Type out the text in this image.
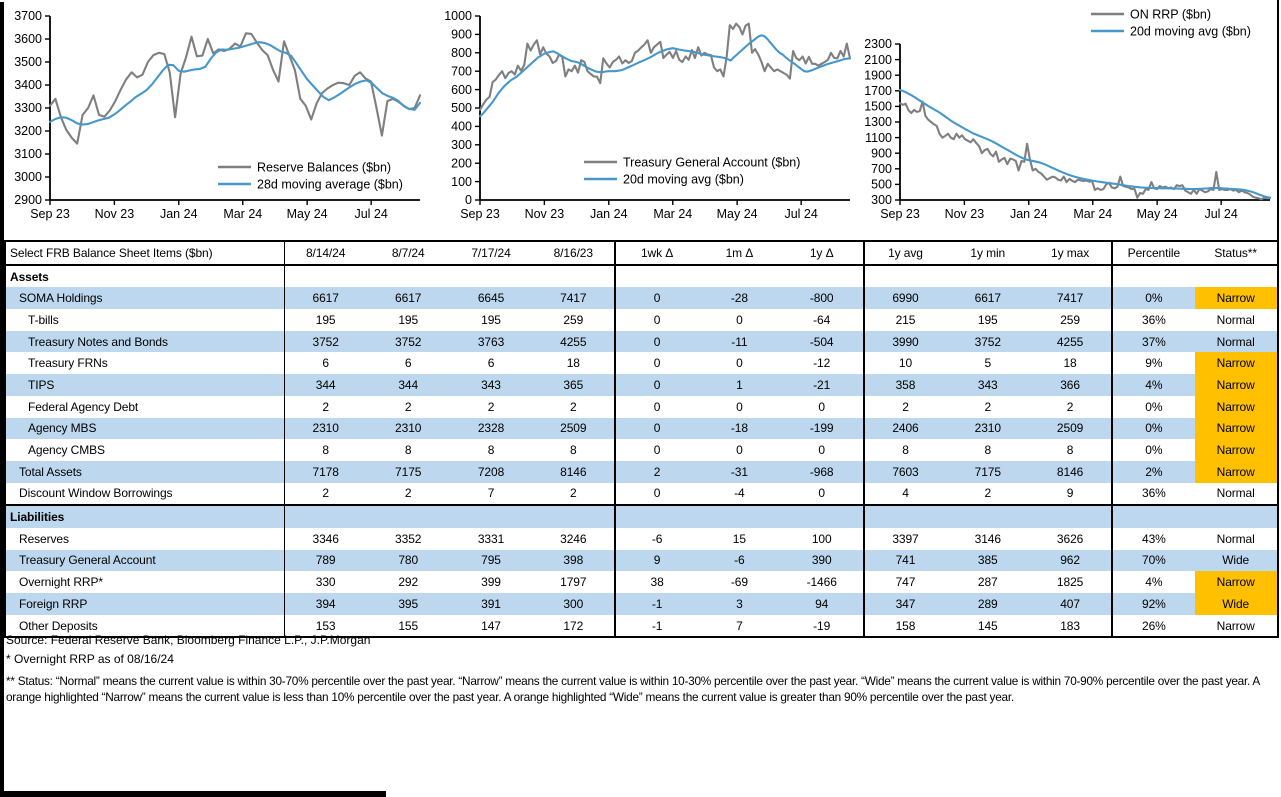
2900
3000
3100
3200
3300
3400
3500
3600
3700
Sep 23 Nov 23 Jan 24 Mar 24 May 24 Jul 24
Reserve Balances ($bn)
28d moving average ($bn)
0
100
200
300
400
500
600
700
800
900
1000
Sep 23 Nov 23 Jan 24 Mar 24 May 24 Jul 24
Treasury General Account ($bn)
20d moving avg ($bn)
300
500
700
900
1100
1300
1500
1700
1900
2100
2300
Sep 23 Nov 23 Jan 24 Mar 24 May 24 Jul 24
ON RRP ($bn)
20d moving avg ($bn)
Select FRB Balance Sheet Items ($bn)	8/14/24	8/7/24	7/17/24	8/16/23	1wk Δ	1m Δ	1y Δ	1y avg	1y min	1y max	Percentile	Status**
Assets												
SOMA Holdings	6617	6617	6645	7417	0	-28	-800	6990	6617	7417	0%	Narrow
T-bills	195	195	195	259	0	0	-64	215	195	259	36%	Normal
Treasury Notes and Bonds	3752	3752	3763	4255	0	-11	-504	3990	3752	4255	37%	Normal
Treasury FRNs	6	6	6	18	0	0	-12	10	5	18	9%	Narrow
TIPS	344	344	343	365	0	1	-21	358	343	366	4%	Narrow
Federal Agency Debt	2	2	2	2	0	0	0	2	2	2	0%	Narrow
Agency MBS	2310	2310	2328	2509	0	-18	-199	2406	2310	2509	0%	Narrow
Agency CMBS	8	8	8	8	0	0	0	8	8	8	0%	Narrow
Total Assets	7178	7175	7208	8146	2	-31	-968	7603	7175	8146	2%	Narrow
Discount Window Borrowings	2	2	7	2	0	-4	0	4	2	9	36%	Normal
Liabilities												
Reserves	3346	3352	3331	3246	-6	15	100	3397	3146	3626	43%	Normal
Treasury General Account	789	780	795	398	9	-6	390	741	385	962	70%	Wide
Overnight RRP*	330	292	399	1797	38	-69	-1466	747	287	1825	4%	Narrow
Foreign RRP	394	395	391	300	-1	3	94	347	289	407	92%	Wide
Other Deposits	153	155	147	172	-1	7	-19	158	145	183	26%	Narrow
Source: Federal Reserve Bank, Bloomberg Finance L.P., J.P.Morgan
* Overnight RRP as of 08/16/24
** Status: “Normal” means the current value is within 30-70% percentile over the past year. “Narrow” means the current value is within 10-30% percentile over the past year. “Wide” means the current value is within 70-90% percentile over the past year. A orange highlighted “Narrow” means the current value is less than 10% percentile over the past year. A orange highlighted “Wide” means the current value is greater than 90% percentile over the past year.
